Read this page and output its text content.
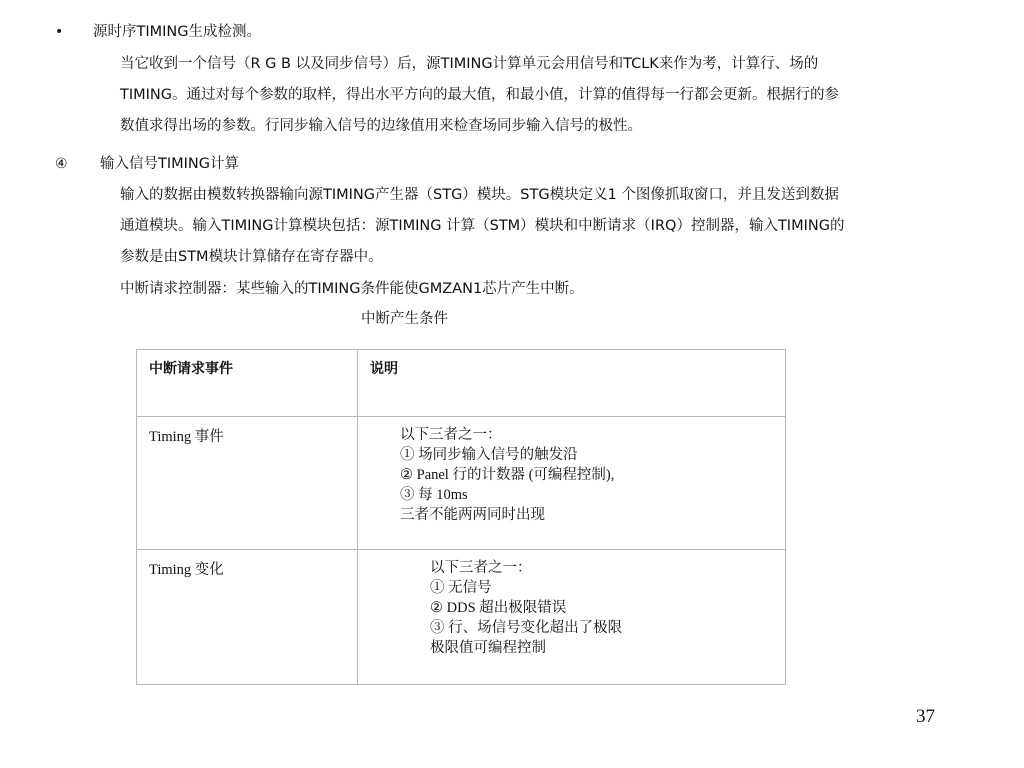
• 源时序TIMING生成检测。
当它收到一个信号（R G B 以及同步信号）后，源TIMING计算单元会用信号和TCLK来作为考，计算行、场的
TIMING。通过对每个参数的取样，得出水平方向的最大值，和最小值，计算的值得每一行都会更新。根据行的参
数值求得出场的参数。行同步输入信号的边缘值用来检查场同步输入信号的极性。
④ 输入信号TIMING计算
输入的数据由模数转换器输向源TIMING产生器（STG）模块。STG模块定义1 个图像抓取窗口，并且发送到数据
通道模块。输入TIMING计算模块包括：源TIMING 计算（STM）模块和中断请求（IRQ）控制器，输入TIMING的
参数是由STM模块计算储存在寄存器中。
中断请求控制器：某些输入的TIMING条件能使GMZAN1芯片产生中断。
中断产生条件
中断请求事件	说明
Timing 事件	以下三者之一：
① 场同步输入信号的触发沿
② Panel 行的计数器 (可编程控制),
③ 每 10ms
三者不能两两同时出现

Timing 变化	以下三者之一：
① 无信号
② DDS 超出极限错误
③ 行、场信号变化超出了极限
极限值可编程控制
37
